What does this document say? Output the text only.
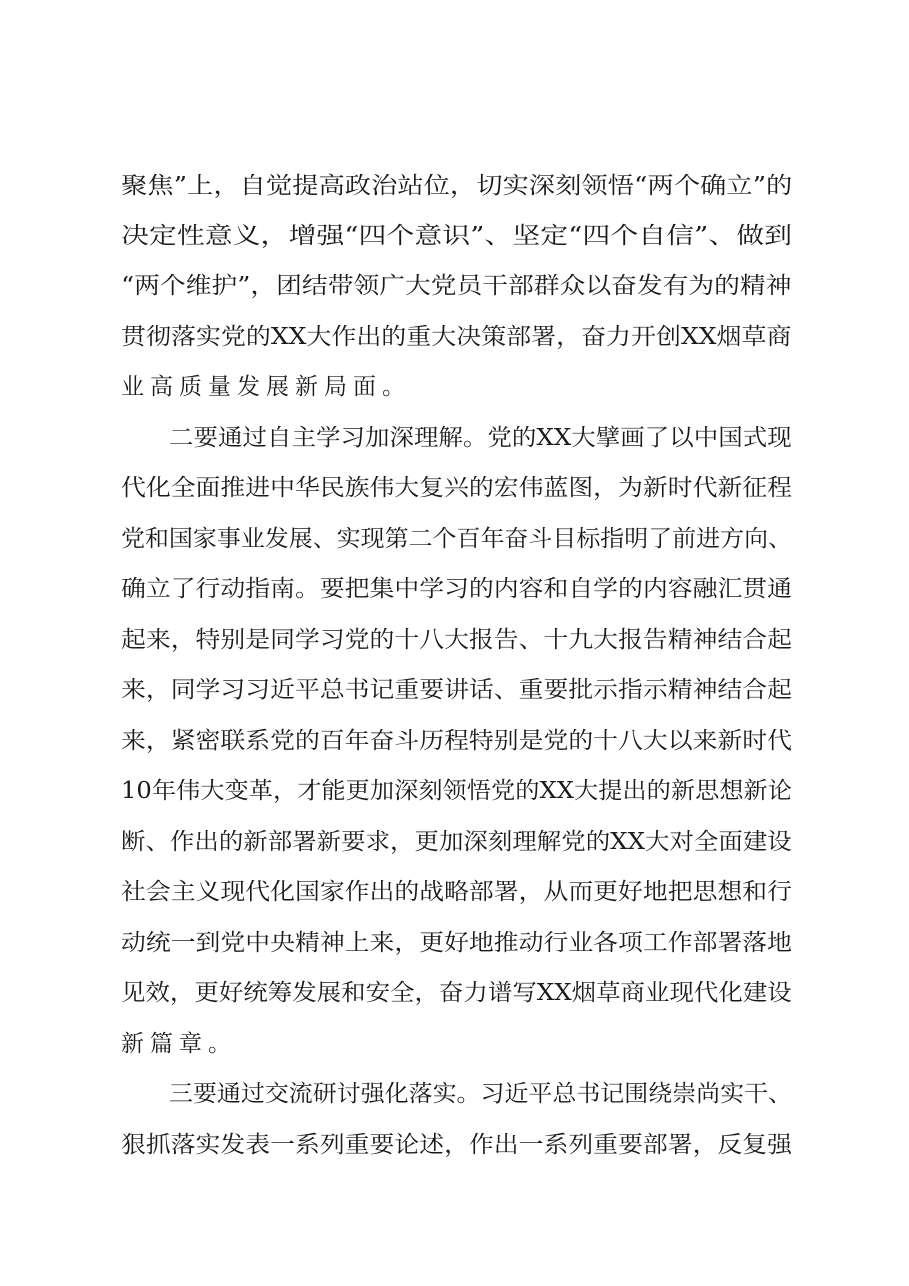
聚焦”上，自觉提高政治站位，切实深刻领悟“两个确立”的
决定性意义，增强“四个意识”、坚定“四个自信”、做到
“两个维护”，团结带领广大党员干部群众以奋发有为的精神
贯彻落实党的XX大作出的重大决策部署，奋力开创XX烟草商
业高质量发展新局面。
二要通过自主学习加深理解。党的XX大擘画了以中国式现
代化全面推进中华民族伟大复兴的宏伟蓝图，为新时代新征程
党和国家事业发展、实现第二个百年奋斗目标指明了前进方向、
确立了行动指南。要把集中学习的内容和自学的内容融汇贯通
起来，特别是同学习党的十八大报告、十九大报告精神结合起
来，同学习习近平总书记重要讲话、重要批示指示精神结合起
来，紧密联系党的百年奋斗历程特别是党的十八大以来新时代
10年伟大变革，才能更加深刻领悟党的XX大提出的新思想新论
断、作出的新部署新要求，更加深刻理解党的XX大对全面建设
社会主义现代化国家作出的战略部署，从而更好地把思想和行
动统一到党中央精神上来，更好地推动行业各项工作部署落地
见效，更好统筹发展和安全，奋力谱写XX烟草商业现代化建设
新篇章。
三要通过交流研讨强化落实。习近平总书记围绕崇尚实干、
狠抓落实发表一系列重要论述，作出一系列重要部署，反复强
